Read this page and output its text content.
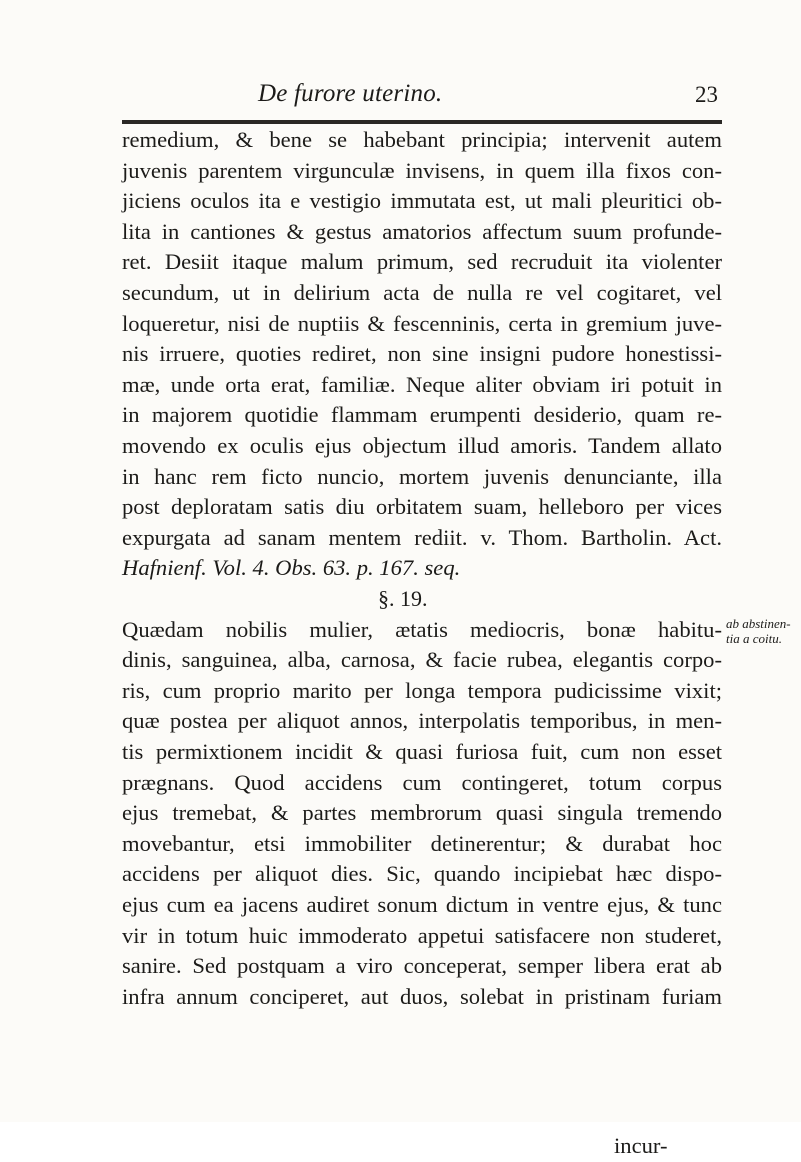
De furore uterino.	23
remedium, & bene se habebant principia; intervenit autem
juvenis parentem virgunculæ invisens, in quem illa fixos con-
jiciens oculos ita e vestigio immutata est, ut mali pleuritici ob-
lita in cantiones & gestus amatorios affectum suum profunde-
ret. Desiit itaque malum primum, sed recruduit ita violenter
secundum, ut in delirium acta de nulla re vel cogitaret, vel
loqueretur, nisi de nuptiis & fescenninis, certa in gremium juve-
nis irruere, quoties rediret, non sine insigni pudore honestissi-
mæ, unde orta erat, familiæ. Neque aliter obviam iri potuit in
in majorem quotidie flammam erumpenti desiderio, quam re-
movendo ex oculis ejus objectum illud amoris. Tandem allato
in hanc rem ficto nuncio, mortem juvenis denunciante, illa
post deploratam satis diu orbitatem suam, helleboro per vices
expurgata ad sanam mentem rediit. v. Thom. Bartholin. Act.
Hafnienf. Vol. 4. Obs. 63. p. 167. seq.
§. 19.
Quædam nobilis mulier, ætatis mediocris, bonæ habitu-
dinis, sanguinea, alba, carnosa, & facie rubea, elegantis corpo-
ris, cum proprio marito per longa tempora pudicissime vixit;
quæ postea per aliquot annos, interpolatis temporibus, in men-
tis permixtionem incidit & quasi furiosa fuit, cum non esset
prægnans. Quod accidens cum contingeret, totum corpus
ejus tremebat, & partes membrorum quasi singula tremendo
movebantur, etsi immobiliter detinerentur; & durabat hoc
accidens per aliquot dies. Sic, quando incipiebat hæc dispo-
ejus cum ea jacens audiret sonum dictum in ventre ejus, & tunc
vir in totum huic immoderato appetui satisfacere non studeret,
sanire. Sed postquam a viro conceperat, semper libera erat ab
infra annum conciperet, aut duos, solebat in pristinam furiam
incur-
ab abstinen-
tia a coitu.
